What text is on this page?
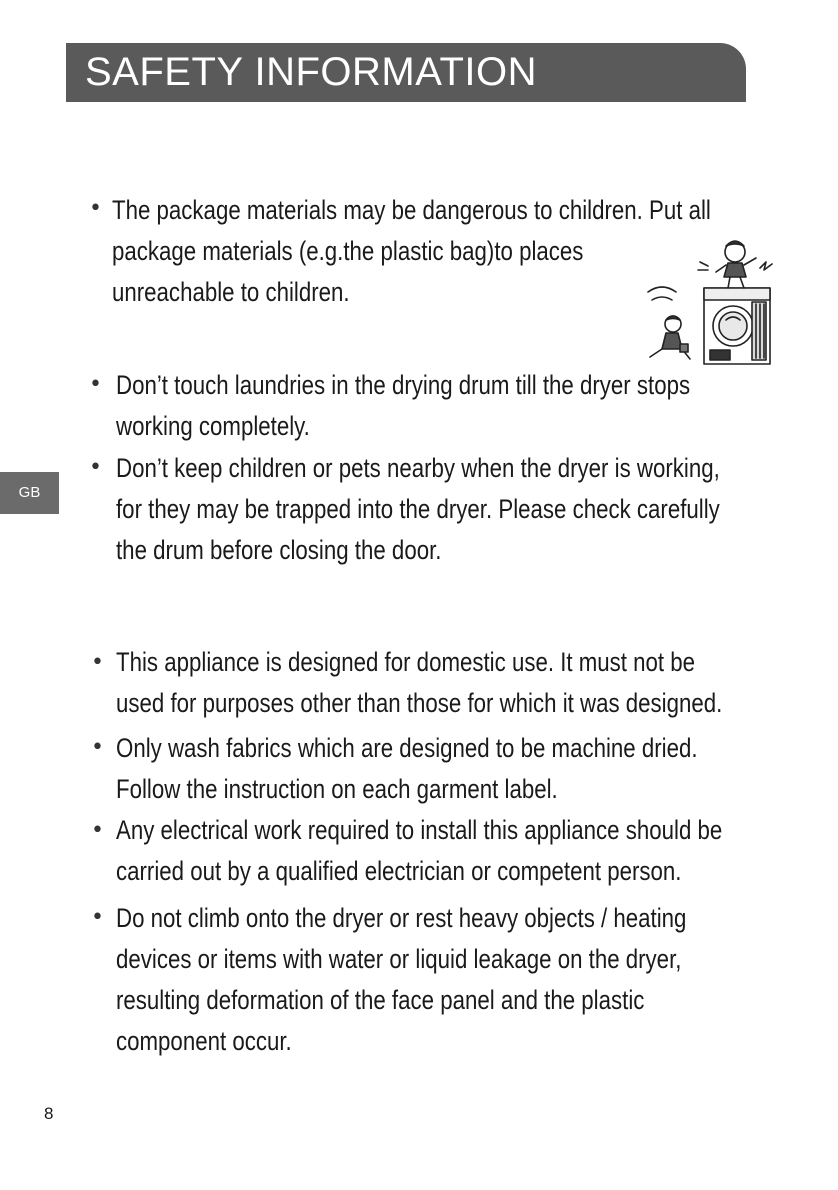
SAFETY INFORMATION
GB
• The package materials may be dangerous to children. Put all
package materials (e.g.the plastic bag)to places
unreachable to children.

• Don’t touch laundries in the drying drum till the dryer stops
working completely.

• Don’t keep children or pets nearby when the dryer is working,
for they may be trapped into the dryer. Please check carefully
the drum before closing the door.

• This appliance is designed for domestic use. It must not be
used for purposes other than those for which it was designed.

• Only wash fabrics which are designed to be machine dried.
Follow the instruction on each garment label.

• Any electrical work required to install this appliance should be
carried out by a qualified electrician or competent person.

• Do not climb onto the dryer or rest heavy objects / heating
devices or items with water or liquid leakage on the dryer,
resulting deformation of the face panel and the plastic
component occur.

8
